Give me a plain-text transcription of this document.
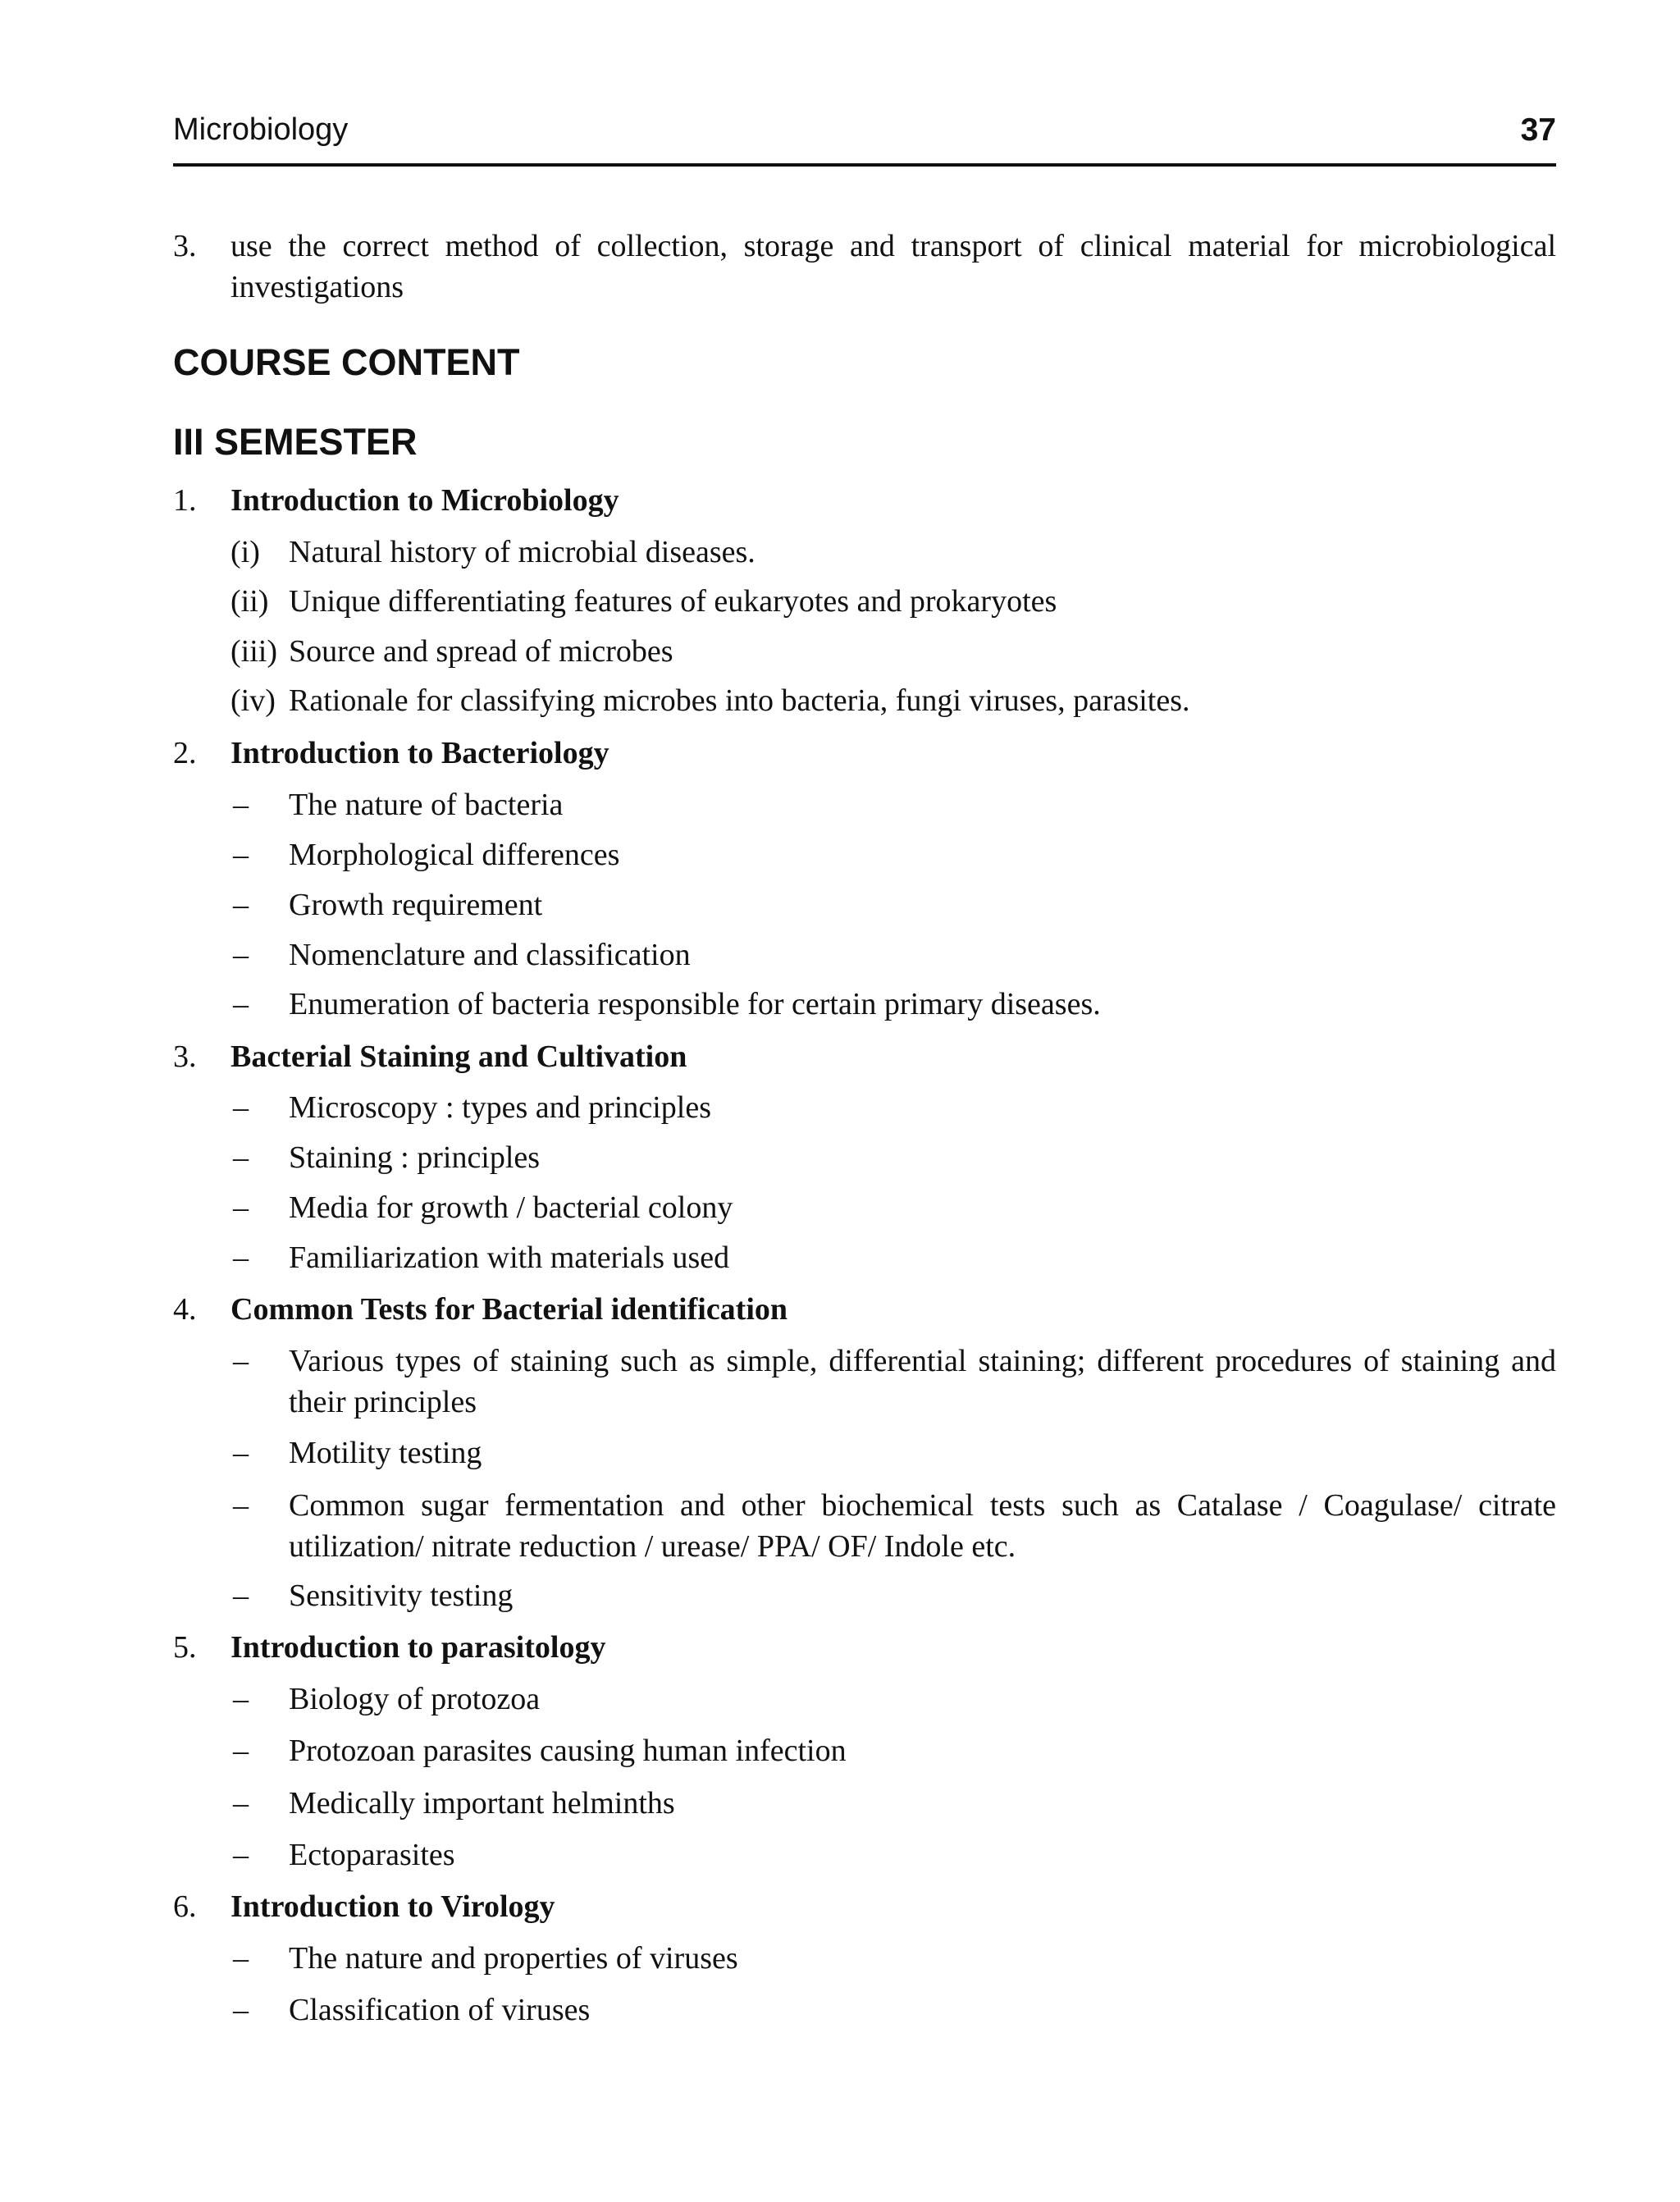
Microbiology	37
3. use the correct method of collection, storage and transport of clinical material for microbiological investigations
COURSE CONTENT
III SEMESTER
1. Introduction to Microbiology
(i) Natural history of microbial diseases.
(ii) Unique differentiating features of eukaryotes and prokaryotes
(iii) Source and spread of microbes
(iv) Rationale for classifying microbes into bacteria, fungi viruses, parasites.
2. Introduction to Bacteriology
– The nature of bacteria
– Morphological differences
– Growth requirement
– Nomenclature and classification
– Enumeration of bacteria responsible for certain primary diseases.
3. Bacterial Staining and Cultivation
– Microscopy : types and principles
– Staining : principles
– Media for growth / bacterial colony
– Familiarization with materials used
4. Common Tests for Bacterial identification
– Various types of staining such as simple, differential staining; different procedures of staining and their principles
– Motility testing
– Common sugar fermentation and other biochemical tests such as Catalase / Coagulase/ citrate utilization/ nitrate reduction / urease/ PPA/ OF/ Indole etc.
– Sensitivity testing
5. Introduction to parasitology
– Biology of protozoa
– Protozoan parasites causing human infection
– Medically important helminths
– Ectoparasites
6. Introduction to Virology
– The nature and properties of viruses
– Classification of viruses
